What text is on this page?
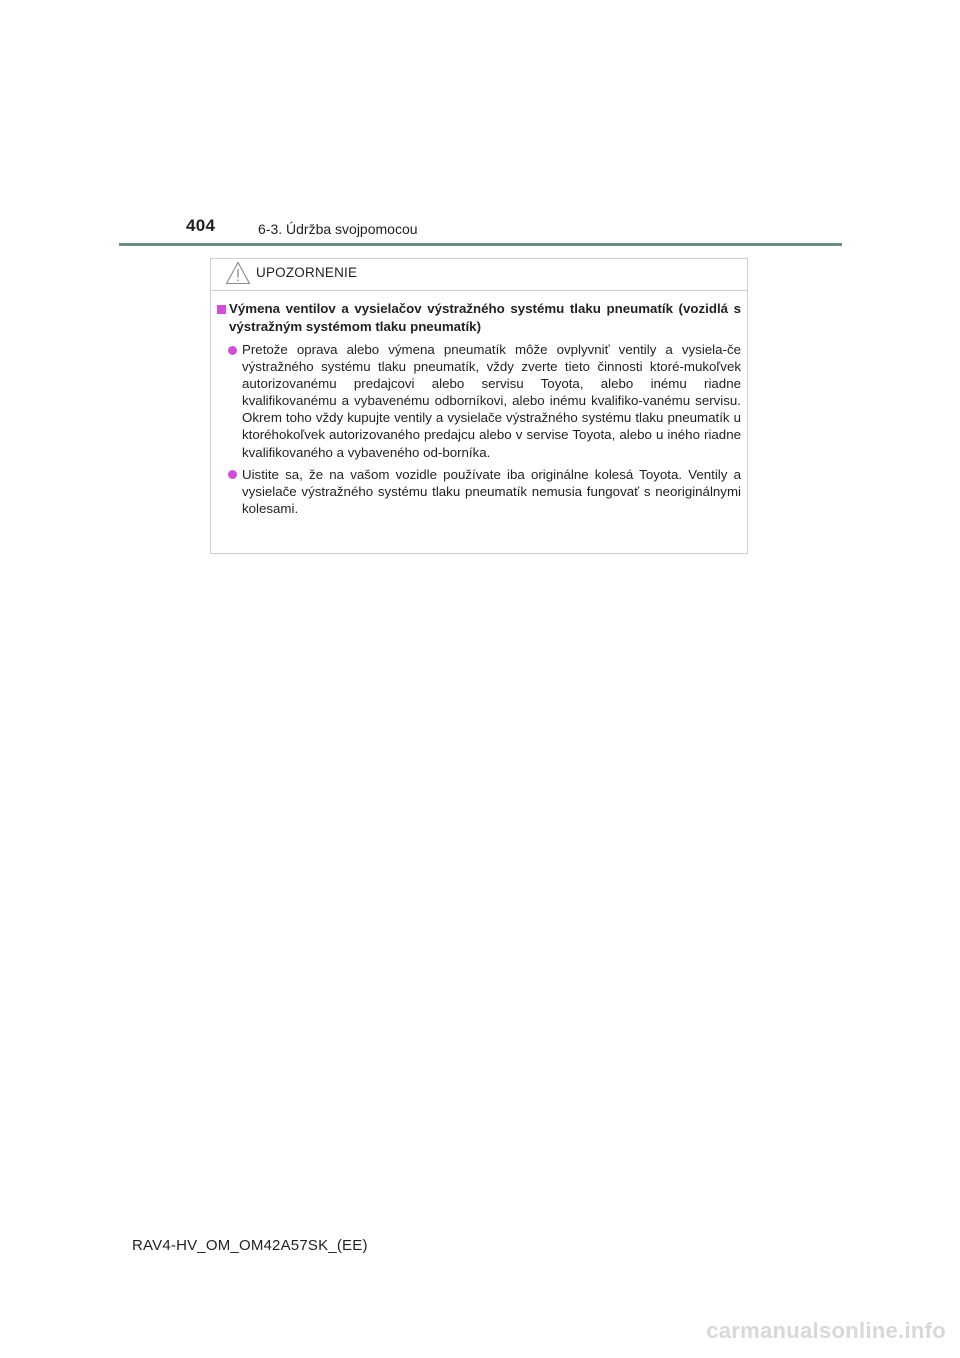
404	6-3. Údržba svojpomocou
UPOZORNENIE
Výmena ventilov a vysielačov výstražného systému tlaku pneumatík (vozidlá s výstražným systémom tlaku pneumatík)
Pretože oprava alebo výmena pneumatík môže ovplyvniť ventily a vysiela-če výstražného systému tlaku pneumatík, vždy zverte tieto činnosti ktoré-mukoľvek autorizovanému predajcovi alebo servisu Toyota, alebo inému riadne kvalifikovanému a vybavenému odborníkovi, alebo inému kvalifiko-vanému servisu. Okrem toho vždy kupujte ventily a vysielače výstražného systému tlaku pneumatík u ktoréhokoľvek autorizovaného predajcu alebo v servise Toyota, alebo u iného riadne kvalifikovaného a vybaveného od-borníka.
Uistite sa, že na vašom vozidle používate iba originálne kolesá Toyota. Ventily a vysielače výstražného systému tlaku pneumatík nemusia fungovať s neoriginálnymi kolesami.
RAV4-HV_OM_OM42A57SK_(EE)
carmanualsonline.info
